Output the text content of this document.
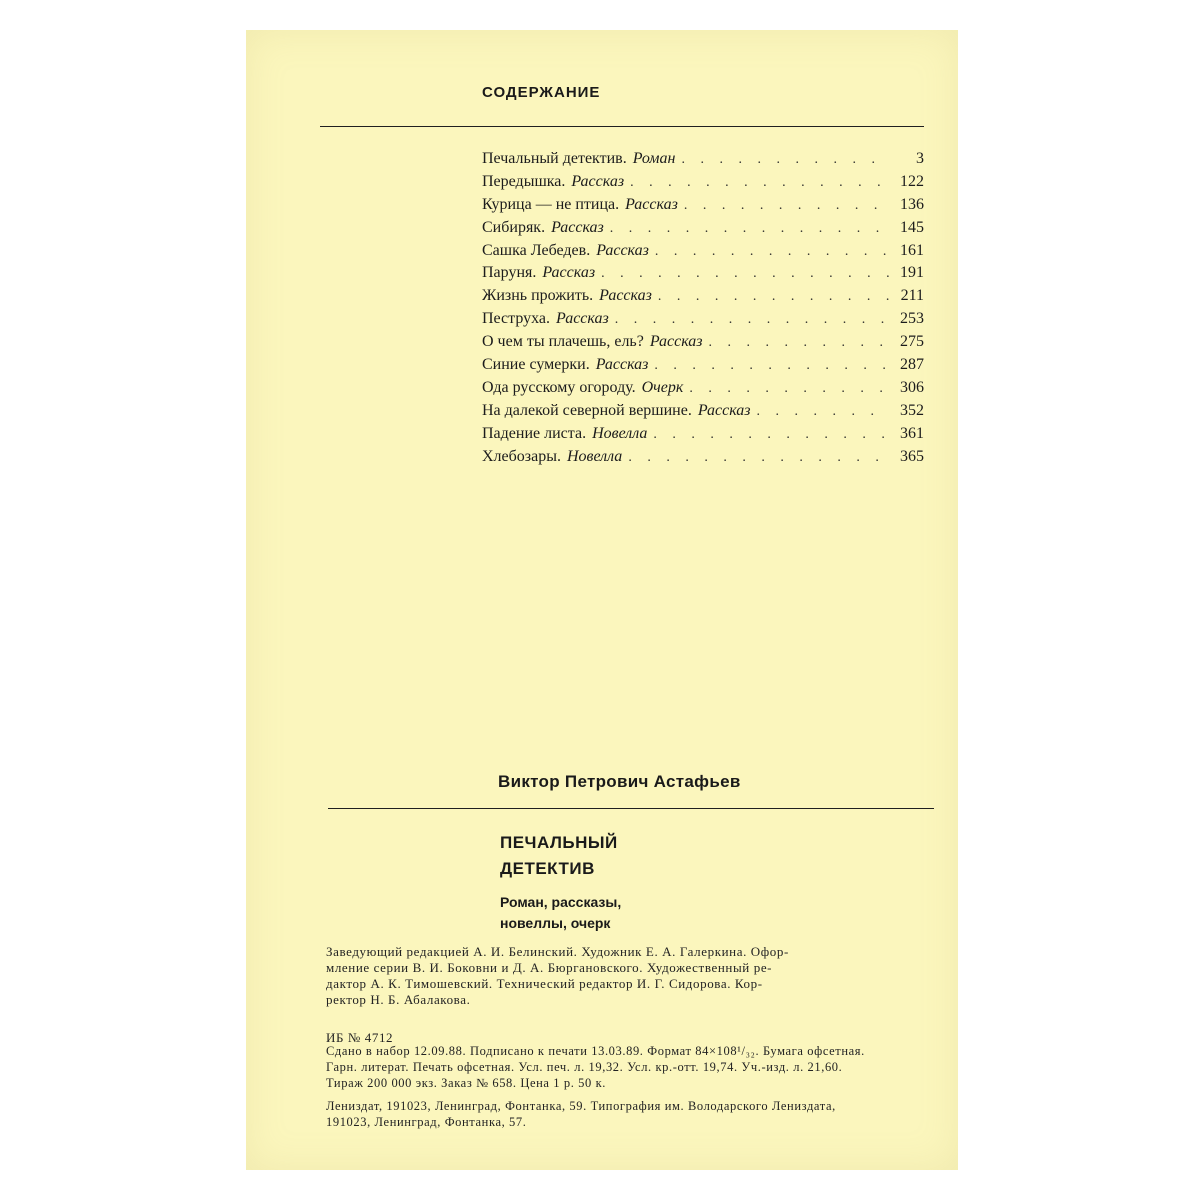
СОДЕРЖАНИЕ
Печальный детектив. Роман . . .	3
Передышка. Рассказ . . .	122
Курица — не птица. Рассказ . . .	136
Сибиряк. Рассказ . . .	145
Сашка Лебедев. Рассказ . . .	161
Паруня. Рассказ . . .	191
Жизнь прожить. Рассказ . . .	211
Пеструха. Рассказ . . .	253
О чем ты плачешь, ель? Рассказ . . .	275
Синие сумерки. Рассказ . . .	287
Ода русскому огороду. Очерк . . .	306
На далекой северной вершине. Рассказ . . .	352
Падение листа. Новелла . . .	361
Хлебозары. Новелла . . .	365
Виктор Петрович Астафьев
ПЕЧАЛЬНЫЙ
ДЕТЕКТИВ
Роман, рассказы,
новеллы, очерк

Заведующий редакцией А. И. Белинский. Художник Е. А. Галеркина. Офор-

мление серии В. И. Боковни и Д. А. Бюргановского. Художественный ре-

дактор А. К. Тимошевский. Технический редактор И. Г. Сидорова. Кор-

ректор Н. Б. Абалакова.

ИБ № 4712

Сдано в набор 12.09.88. Подписано к печати 13.03.89. Формат 84×108¹/₃₂. Бумага офсетная.

Гарн. литерат. Печать офсетная. Усл. печ. л. 19,32. Усл. кр.-отт. 19,74. Уч.-изд. л. 21,60.

Тираж 200 000 экз. Заказ № 658. Цена 1 р. 50 к.

Лениздат, 191023, Ленинград, Фонтанка, 59. Типография им. Володарского Лениздата,

191023, Ленинград, Фонтанка, 57.
